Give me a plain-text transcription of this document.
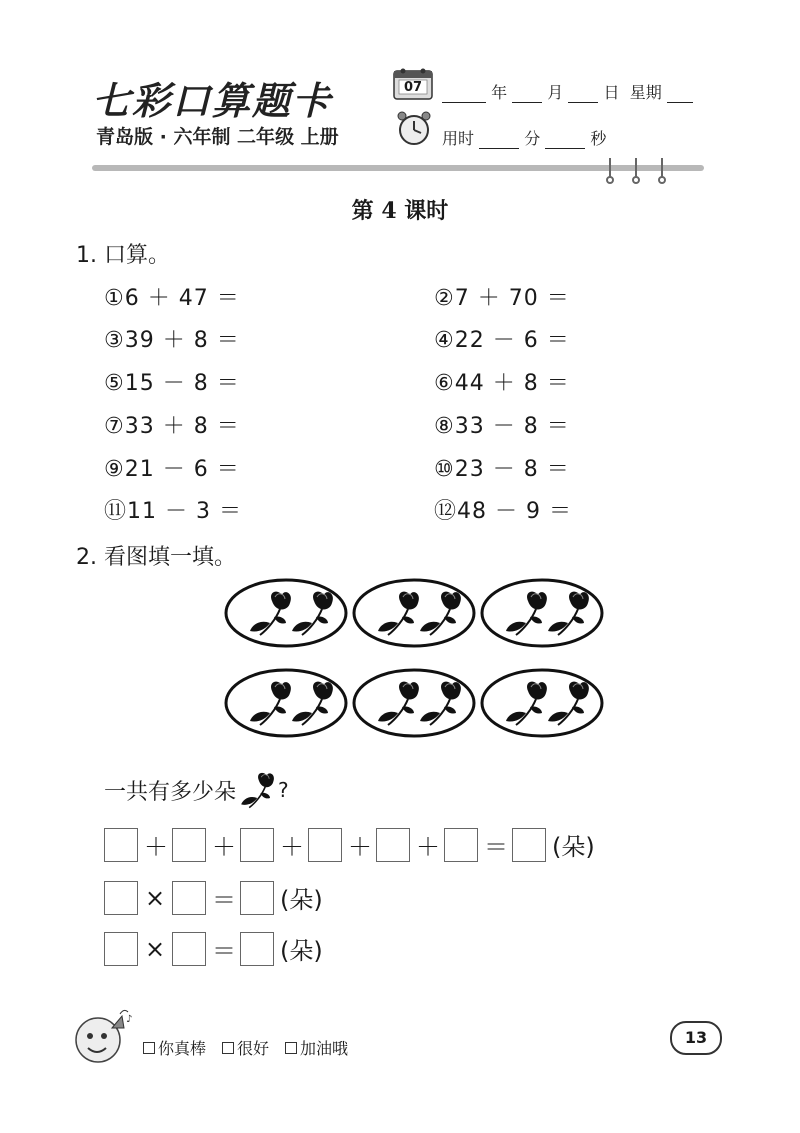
七彩口算题卡
青岛版 · 六年制 二年级 上册
07	年	月	日 星期
用时	分	秒
第 4 课时
1. 口算。
①6 ＋ 47 ＝	②7 ＋ 70 ＝
③39 ＋ 8 ＝	④22 － 6 ＝
⑤15 － 8 ＝	⑥44 ＋ 8 ＝
⑦33 ＋ 8 ＝	⑧33 － 8 ＝
⑨21 － 6 ＝	⑩23 － 8 ＝
⑪11 － 3 ＝	⑫48 － 9 ＝
2. 看图填一填。
一共有多少朵 ?
＋ ＋ ＋ ＋ ＋ ＝ (朵)
× ＝ (朵)
× ＝ (朵)
♪
你真棒 很好 加油哦
13
